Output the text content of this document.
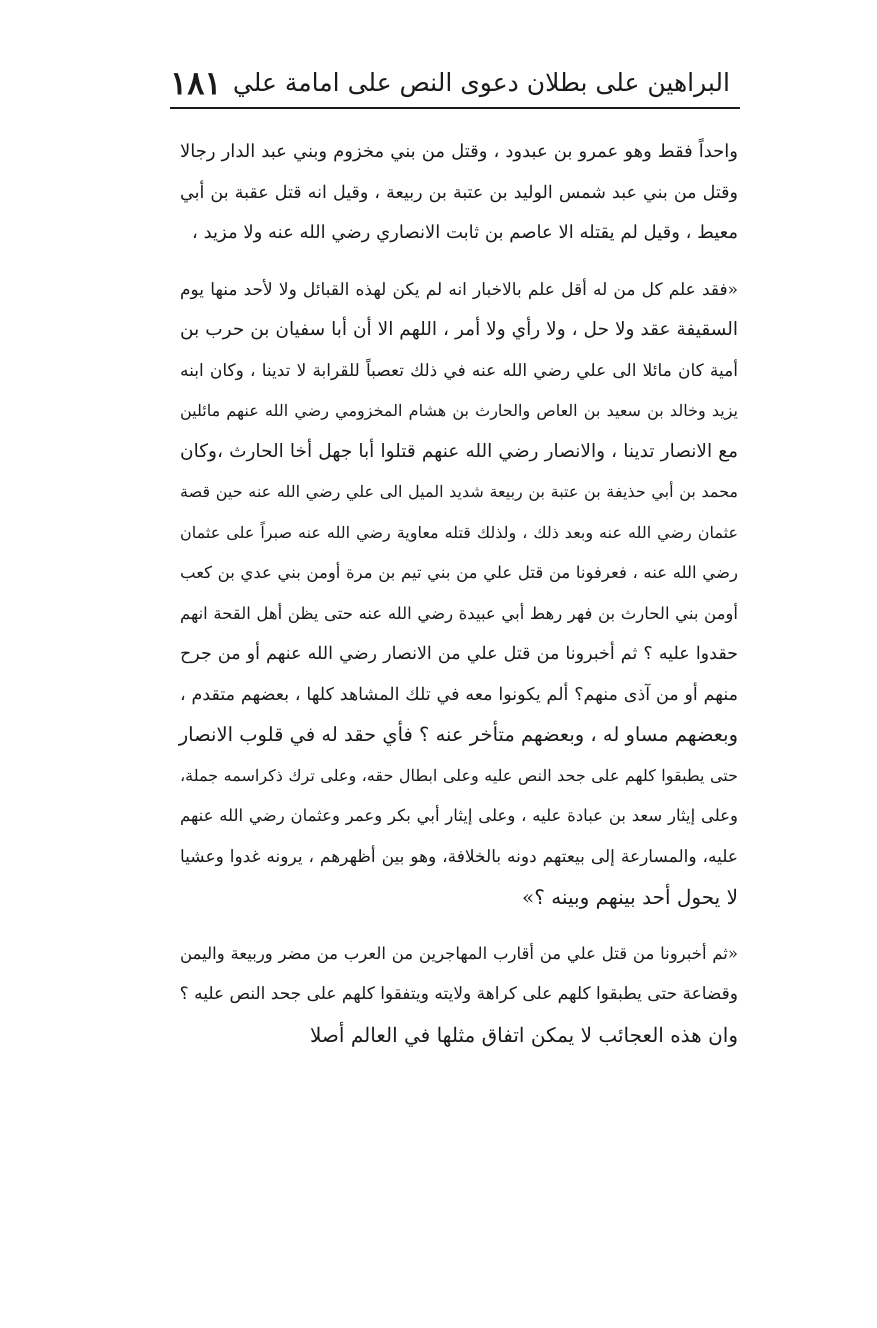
البراهين على بطلان دعوى النص على امامة علي
١٨١
واحداً فقط وهو عمرو بن عبدود ، وقتل من بني مخزوم وبني عبد الدار رجالا
وقتل من بني عبد شمس الوليد بن عتبة بن ربيعة ، وقيل انه قتل عقبة بن أبي
معيط ، وقيل لم يقتله الا عاصم بن ثابت الانصاري رضي الله عنه ولا مزيد ،
«فقد علم كل من له أقل علم بالاخبار انه لم يكن لهذه القبائل ولا لأحد منها يوم
السقيفة عقد ولا حل ، ولا رأي ولا أمر ، اللهم الا أن أبا سفيان بن حرب بن
أمية كان مائلا الى علي رضي الله عنه في ذلك تعصباً للقرابة لا تدينا ، وكان ابنه
يزيد وخالد بن سعيد بن العاص والحارث بن هشام المخزومي رضي الله عنهم مائلين
مع الانصار تدينا ، والانصار رضي الله عنهم قتلوا أبا جهل أخا الحارث ،وكان
محمد بن أبي حذيفة بن عتبة بن ربيعة شديد الميل الى علي رضي الله عنه حين قصة
عثمان رضي الله عنه وبعد ذلك ، ولذلك قتله معاوية رضي الله عنه صبراً على عثمان
رضي الله عنه ، فعرفونا من قتل علي من بني تيم بن مرة أومن بني عدي بن كعب
أومن بني الحارث بن فهر رهط أبي عبيدة رضي الله عنه حتى يظن أهل القحة انهم
حقدوا عليه ؟ ثم أخبرونا من قتل علي من الانصار رضي الله عنهم أو من جرح
منهم أو من آذى منهم؟ ألم يكونوا معه في تلك المشاهد كلها ، بعضهم متقدم ،
وبعضهم مساو له ، وبعضهم متأخر عنه ؟ فأي حقد له في قلوب الانصار
حتى يطبقوا كلهم على جحد النص عليه وعلى ابطال حقه، وعلى ترك ذكراسمه جملة،
وعلى إيثار سعد بن عبادة عليه ، وعلى إيثار أبي بكر وعمر وعثمان رضي الله عنهم
عليه، والمسارعة إلى بيعتهم دونه بالخلافة، وهو بين أظهرهم ، يرونه غدوا وعشيا
لا يحول أحد بينهم وبينه ؟»
«ثم أخبرونا من قتل علي من أقارب المهاجرين من العرب من مضر وربيعة واليمن
وقضاعة حتى يطبقوا كلهم على كراهة ولايته ويتفقوا كلهم على جحد النص عليه ؟
وان هذه العجائب لا يمكن اتفاق مثلها في العالم أصلا
